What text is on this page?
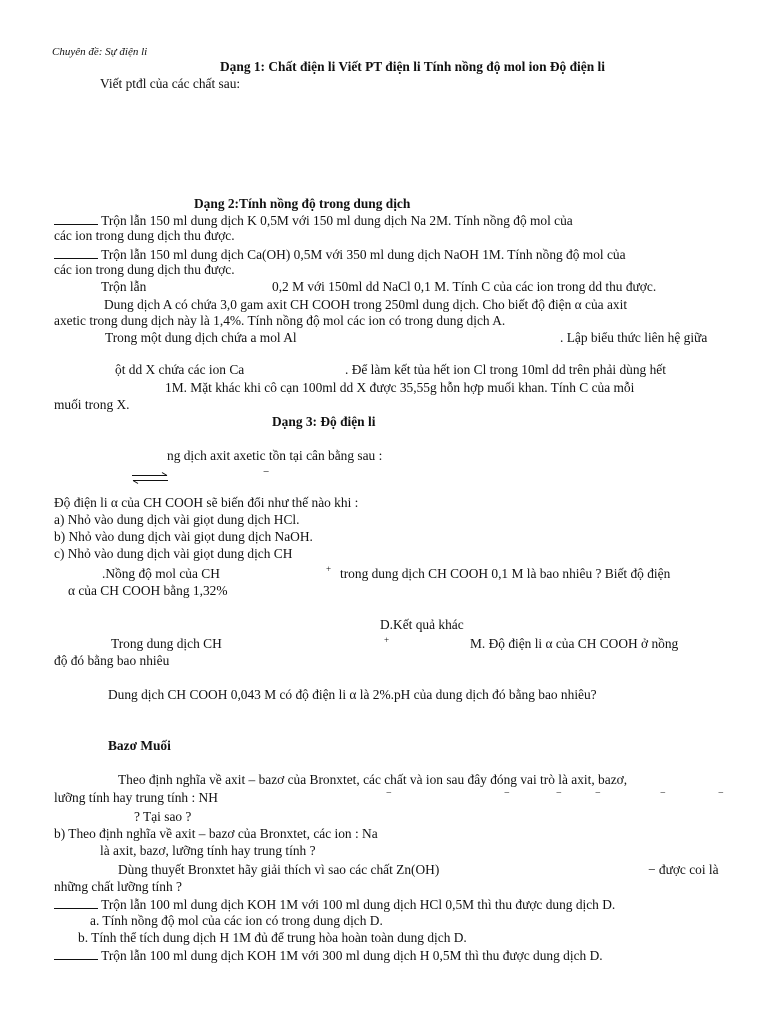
Chuyên đề: Sự điện li
Dạng 1: Chất điện li Viết PT điện li Tính nồng độ mol ion Độ điện li
Viết ptđl của các chất sau:
Dạng 2:Tính nồng độ trong dung dịch
Trộn lẫn 150 ml dung dịch K 0,5M với 150 ml dung dịch Na 2M. Tính nồng độ mol của
các ion trong dung dịch thu được.
Trộn lẫn 150 ml dung dịch Ca(OH) 0,5M với 350 ml dung dịch NaOH 1M. Tính nồng độ mol của
các ion trong dung dịch thu được.
Trộn lẫn	0,2 M với 150ml dd NaCl 0,1 M. Tính C của các ion trong dd thu được.
Dung dịch A có chứa 3,0 gam axit CH COOH trong 250ml dung dịch. Cho biết độ điện α của axit
axetic trong dung dịch này là 1,4%. Tính nồng độ mol các ion có trong dung dịch A.
Trong một dung dịch chứa a mol Al	. Lập biểu thức liên hệ giữa
ột dd X chứa các ion Ca	. Để làm kết tủa hết ion Cl trong 10ml dd trên phải dùng hết
1M. Mặt khác khi cô cạn 100ml dd X được 35,55g hỗn hợp muối khan. Tính C của mỗi
muối trong X.
Dạng 3: Độ điện li
ng dịch axit axetic tồn tại cân bằng sau :
−
Độ điện li α của CH COOH sẽ biến đổi như thế nào khi :
a) Nhỏ vào dung dịch vài giọt dung dịch HCl.
b) Nhỏ vào dung dịch vài giọt dung dịch NaOH.
c) Nhỏ vào dung dịch vài giọt dung dịch CH
.Nồng độ mol của CH	+ trong dung dịch CH COOH 0,1 M là bao nhiêu ? Biết độ điện
α của CH COOH bằng 1,32%
D.Kết quả khác
Trong dung dịch CH	+	M. Độ điện li α của CH COOH ở nồng
độ đó bằng bao nhiêu
Dung dịch CH COOH 0,043 M có độ điện li α là 2%.pH của dung dịch đó bằng bao nhiêu?
Bazơ Muối
Theo định nghĩa về axit – bazơ của Bronxtet, các chất và ion sau đây đóng vai trò là axit, bazơ,
lưỡng tính hay trung tính : NH	−	−	−	−	−	−
? Tại sao ?
b) Theo định nghĩa về axit – bazơ của Bronxtet, các ion : Na
là axit, bazơ, lưỡng tính hay trung tính ?
Dùng thuyết Bronxtet hãy giải thích vì sao các chất Zn(OH)	− được coi là
những chất lưỡng tính ?
Trộn lẫn 100 ml dung dịch KOH 1M với 100 ml dung dịch HCl 0,5M thì thu được dung dịch D.
a. Tính nồng độ mol của các ion có trong dung dịch D.
b. Tính thể tích dung dịch H 1M đủ để trung hòa hoàn toàn dung dịch D.
Trộn lẫn 100 ml dung dịch KOH 1M với 300 ml dung dịch H 0,5M thì thu được dung dịch D.
